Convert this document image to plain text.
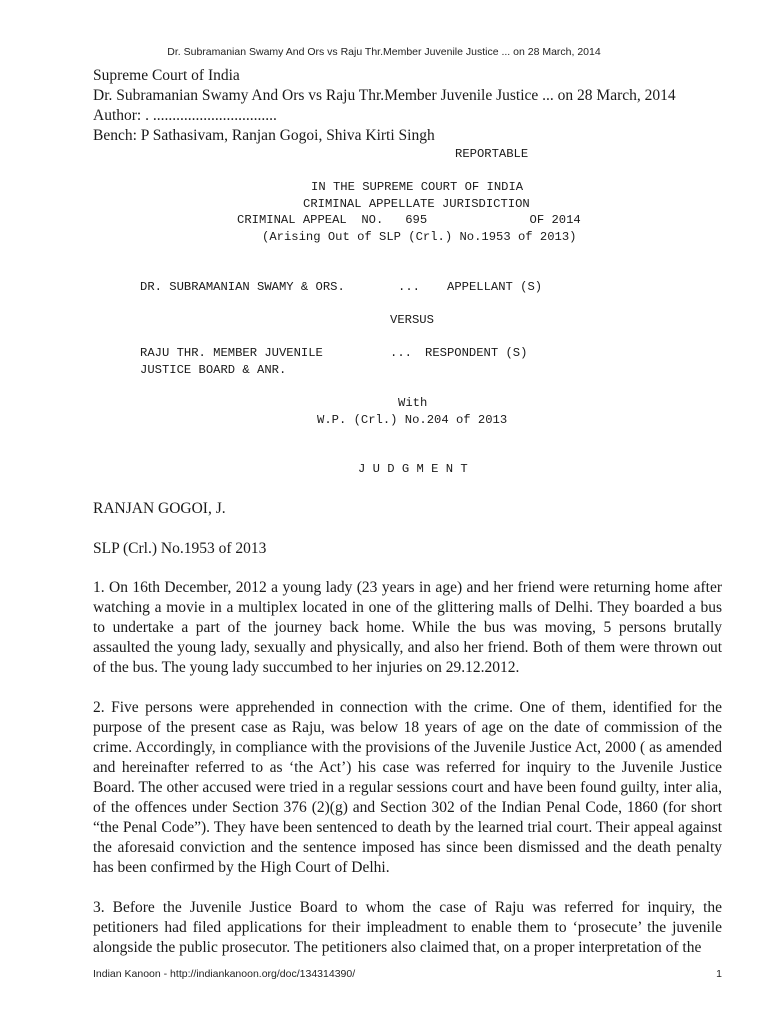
Dr. Subramanian Swamy And Ors vs Raju Thr.Member Juvenile Justice ... on 28 March, 2014
Supreme Court of India
Dr. Subramanian Swamy And Ors vs Raju Thr.Member Juvenile Justice ... on 28 March, 2014
Author: . ................................
Bench: P Sathasivam, Ranjan Gogoi, Shiva Kirti Singh
REPORTABLE
IN THE SUPREME COURT OF INDIA
CRIMINAL APPELLATE JURISDICTION
CRIMINAL APPEAL  NO.   695              OF 2014
(Arising Out of SLP (Crl.) No.1953 of 2013)
DR. SUBRAMANIAN SWAMY & ORS.	... APPELLANT (S)
VERSUS
RAJU THR. MEMBER JUVENILE	... RESPONDENT (S)
JUSTICE BOARD & ANR.
With
W.P. (Crl.) No.204 of 2013
J U D G M E N T
RANJAN GOGOI, J.
SLP (Crl.) No.1953 of 2013
1. On 16th December, 2012 a young lady (23 years in age) and her friend were returning home after watching a movie in a multiplex located in one of the glittering malls of Delhi. They boarded a bus to undertake a part of the journey back home. While the bus was moving, 5 persons brutally assaulted the young lady, sexually and physically, and also her friend. Both of them were thrown out of the bus. The young lady succumbed to her injuries on 29.12.2012.
2. Five persons were apprehended in connection with the crime. One of them, identified for the purpose of the present case as Raju, was below 18 years of age on the date of commission of the crime. Accordingly, in compliance with the provisions of the Juvenile Justice Act, 2000 ( as amended and hereinafter referred to as ‘the Act’) his case was referred for inquiry to the Juvenile Justice Board. The other accused were tried in a regular sessions court and have been found guilty, inter alia, of the offences under Section 376 (2)(g) and Section 302 of the Indian Penal Code, 1860 (for short “the Penal Code”). They have been sentenced to death by the learned trial court. Their appeal against the aforesaid conviction and the sentence imposed has since been dismissed and the death penalty has been confirmed by the High Court of Delhi.
3. Before the Juvenile Justice Board to whom the case of Raju was referred for inquiry, the petitioners had filed applications for their impleadment to enable them to ‘prosecute’ the juvenile alongside the public prosecutor. The petitioners also claimed that, on a proper interpretation of the
Indian Kanoon - http://indiankanoon.org/doc/134314390/	1
